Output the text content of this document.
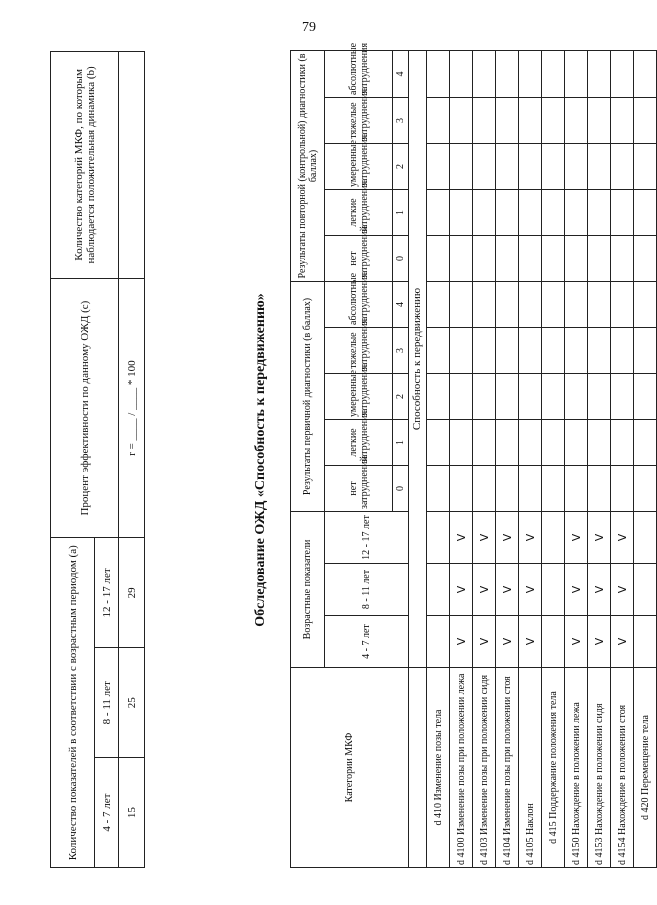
79
Количество показателей в соответствии с возрастным периодом (а)			Процент эффективности по данному ОЖД (с)	Количество категорий МКФ, по которым наблюдается положительная динамика (b)
4 - 7 лет	8 - 11 лет	12 - 17 лет		
15	25	29	r = ____ / ____ * 100		Обследование ОЖД «Способность к передвижению»
Категории МКФ	Возрастные показатели			Результаты первичной диагностики (в баллах)					Результаты повторной (контрольной) диагностики (в баллах)				
	4 - 7 лет	8 - 11 лет	12 - 17 лет	нет затруднений	легкие затруднения	умеренные затруднения	тяжелые затруднения	абсолютные затруднения	нет затруднений	легкие затруднения	умеренные затруднения	тяжелые затруднения	абсолютные затруднения
				0	1	2	3	4	0	1	2	3	4
	Способность к передвижению												
d 410 Изменение позы тела													
d 4100 Изменение позы при положении лежа	V	V	V										
d 4103 Изменение позы при положении сидя	V	V	V										
d 4104 Изменение позы при положении стоя	V	V	V										
d 4105 Наклон	V	V	V										
d 415 Поддержание положения тела													
d 4150 Нахождение в положении лежа	V	V	V										
d 4153 Нахождение в положении сидя	V	V	V										
d 4154 Нахождение в положении стоя	V	V	V										
d 420 Перемещение тела													
